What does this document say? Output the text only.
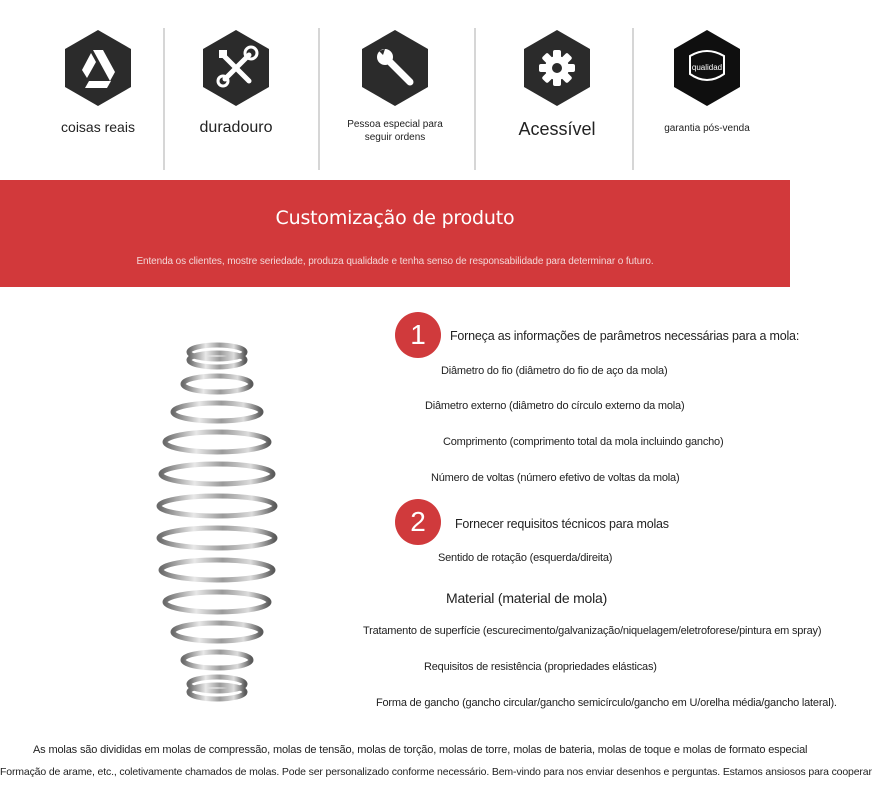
coisas reais	duradouro	Pessoa especial para seguir ordens	Acessível
qualidad
garantia pós-venda
Customização de produto
Entenda os clientes, mostre seriedade, produza qualidade e tenha senso de responsabilidade para determinar o futuro.
1	Forneça as informações de parâmetros necessárias para a mola:
Diâmetro do fio (diâmetro do fio de aço da mola)
Diâmetro externo (diâmetro do círculo externo da mola)
Comprimento (comprimento total da mola incluindo gancho)
Número de voltas (número efetivo de voltas da mola)
2	Fornecer requisitos técnicos para molas
Sentido de rotação (esquerda/direita)
Material (material de mola)
Tratamento de superfície (escurecimento/galvanização/niquelagem/eletroforese/pintura em spray)
Requisitos de resistência (propriedades elásticas)
Forma de gancho (gancho circular/gancho semicírculo/gancho em U/orelha média/gancho lateral).
As molas são divididas em molas de compressão, molas de tensão, molas de torção, molas de torre, molas de bateria, molas de toque e molas de formato especial
Formação de arame, etc., coletivamente chamados de molas. Pode ser personalizado conforme necessário. Bem-vindo para nos enviar desenhos e perguntas. Estamos ansiosos para cooperar
